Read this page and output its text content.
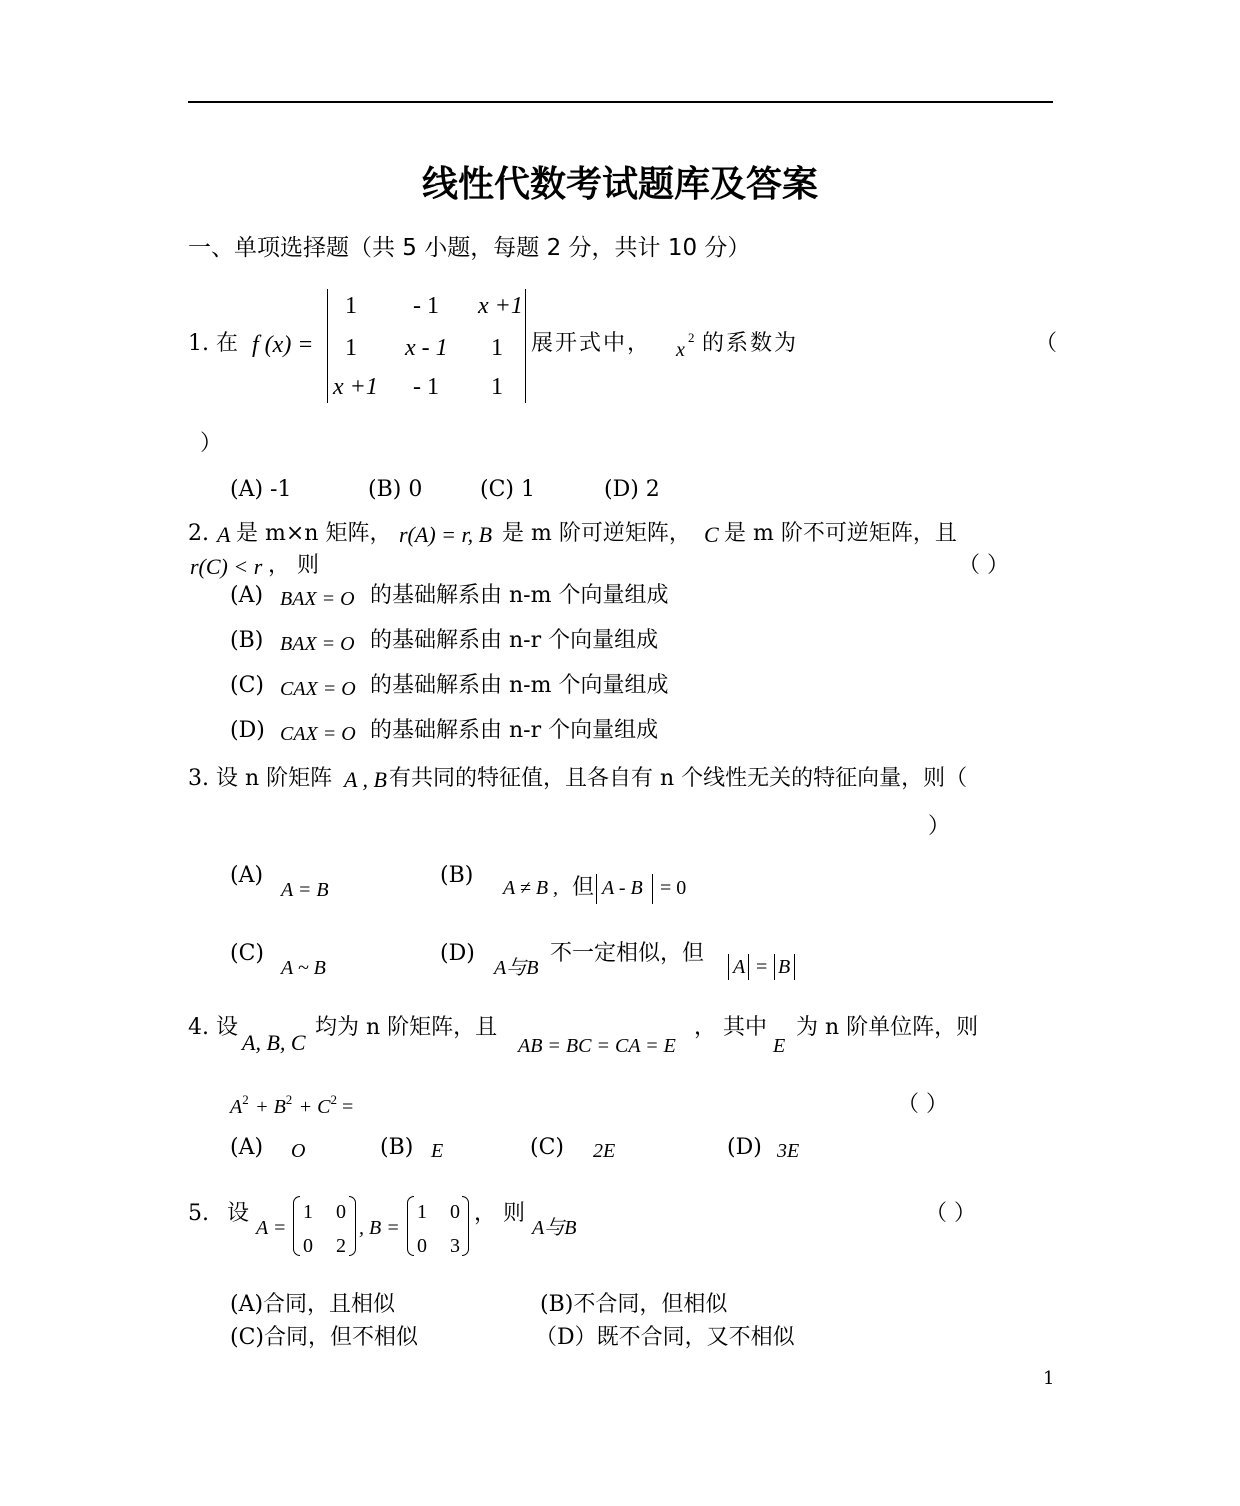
线性代数考试题库及答案
一、单项选择题（共 5 小题，每题 2 分，共计 10 分）
1. 在 f (x) =
1 - 1 x +1
1 x - 1 1
x +1 - 1 1
展开式中， x
2 的系数为	（
）
(A) -1	(B) 0	(C) 1	(D) 2
2. A 是 m×n 矩阵， r(A) = r, B 是 m 阶可逆矩阵， C 是 m 阶不可逆矩阵，且
r(C) < r ， 则	（ ）
(A) BAX = O 的基础解系由 n-m 个向量组成
(B) BAX = O 的基础解系由 n-r 个向量组成
(C) CAX = O 的基础解系由 n-m 个向量组成
(D) CAX = O 的基础解系由 n-r 个向量组成
3. 设 n 阶矩阵 A , B 有共同的特征值，且各自有 n 个线性无关的特征向量，则（
）
(A)
A = B
(B) A ≠ B , 但 A - B = 0
(C)
A ~ B
(D)
A与B
不一定相似，但
A = B
4. 设
A, B, C
均为 n 阶矩阵，且
AB = BC = CA = E
， 其中
E
为 n 阶单位阵，则
$A^2 + B^2 + C^2$ =	（ ）
(A) O	(B) E	(C) 2E	(D) 3E
5. 设
A =
1 0
0 2
, B =
1 0
0 3
， 则
A与B
（ ）
(A)合同，且相似	(B)不合同，但相似
(C)合同，但不相似	（D）既不合同，又不相似
1
